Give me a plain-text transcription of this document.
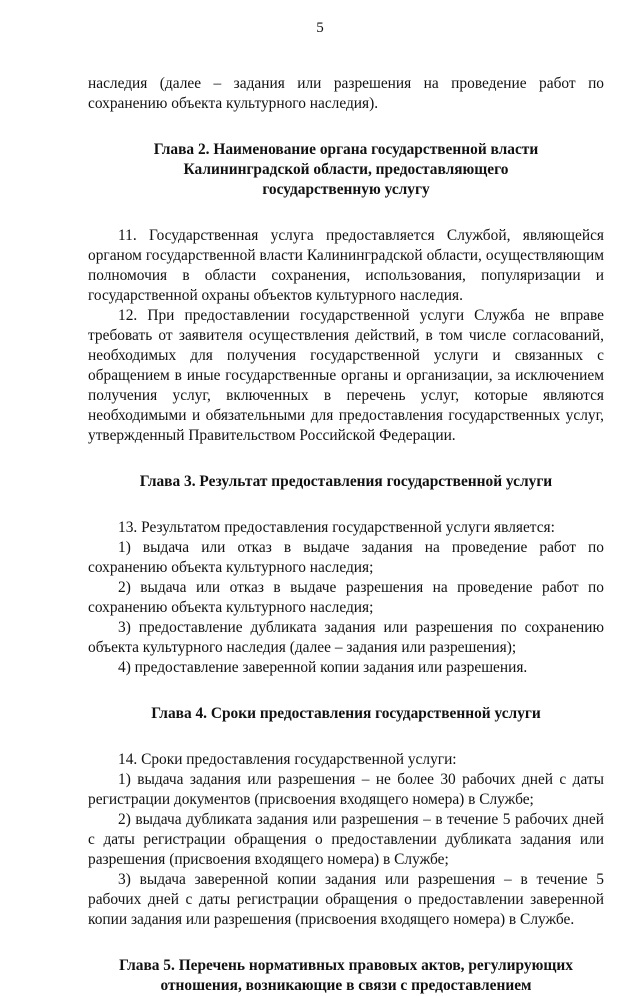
5

наследия (далее – задания или разрешения на проведение работ по сохранению объекта культурного наследия).

Глава 2. Наименование органа государственной власти
Калининградской области, предоставляющего
государственную услугу

11. Государственная услуга предоставляется Службой, являющейся органом государственной власти Калининградской области, осуществляющим полномочия в области сохранения, использования, популяризации и государственной охраны объектов культурного наследия.

12. При предоставлении государственной услуги Служба не вправе требовать от заявителя осуществления действий, в том числе согласований, необходимых для получения государственной услуги и связанных с обращением в иные государственные органы и организации, за исключением получения услуг, включенных в перечень услуг, которые являются необходимыми и обязательными для предоставления государственных услуг, утвержденный Правительством Российской Федерации.

Глава 3. Результат предоставления государственной услуги

13. Результатом предоставления государственной услуги является:

1) выдача или отказ в выдаче задания на проведение работ по сохранению объекта культурного наследия;

2) выдача или отказ в выдаче разрешения на проведение работ по сохранению объекта культурного наследия;

3) предоставление дубликата задания или разрешения по сохранению объекта культурного наследия (далее – задания или разрешения);

4) предоставление заверенной копии задания или разрешения.

Глава 4. Сроки предоставления государственной услуги

14. Сроки предоставления государственной услуги:

1) выдача задания или разрешения – не более 30 рабочих дней с даты регистрации документов (присвоения входящего номера) в Службе;

2) выдача дубликата задания или разрешения – в течение 5 рабочих дней с даты регистрации обращения о предоставлении дубликата задания или разрешения (присвоения входящего номера) в Службе;

3) выдача заверенной копии задания или разрешения – в течение 5 рабочих дней с даты регистрации обращения о предоставлении заверенной копии задания или разрешения (присвоения входящего номера) в Службе.

Глава 5. Перечень нормативных правовых актов, регулирующих
отношения, возникающие в связи с предоставлением
